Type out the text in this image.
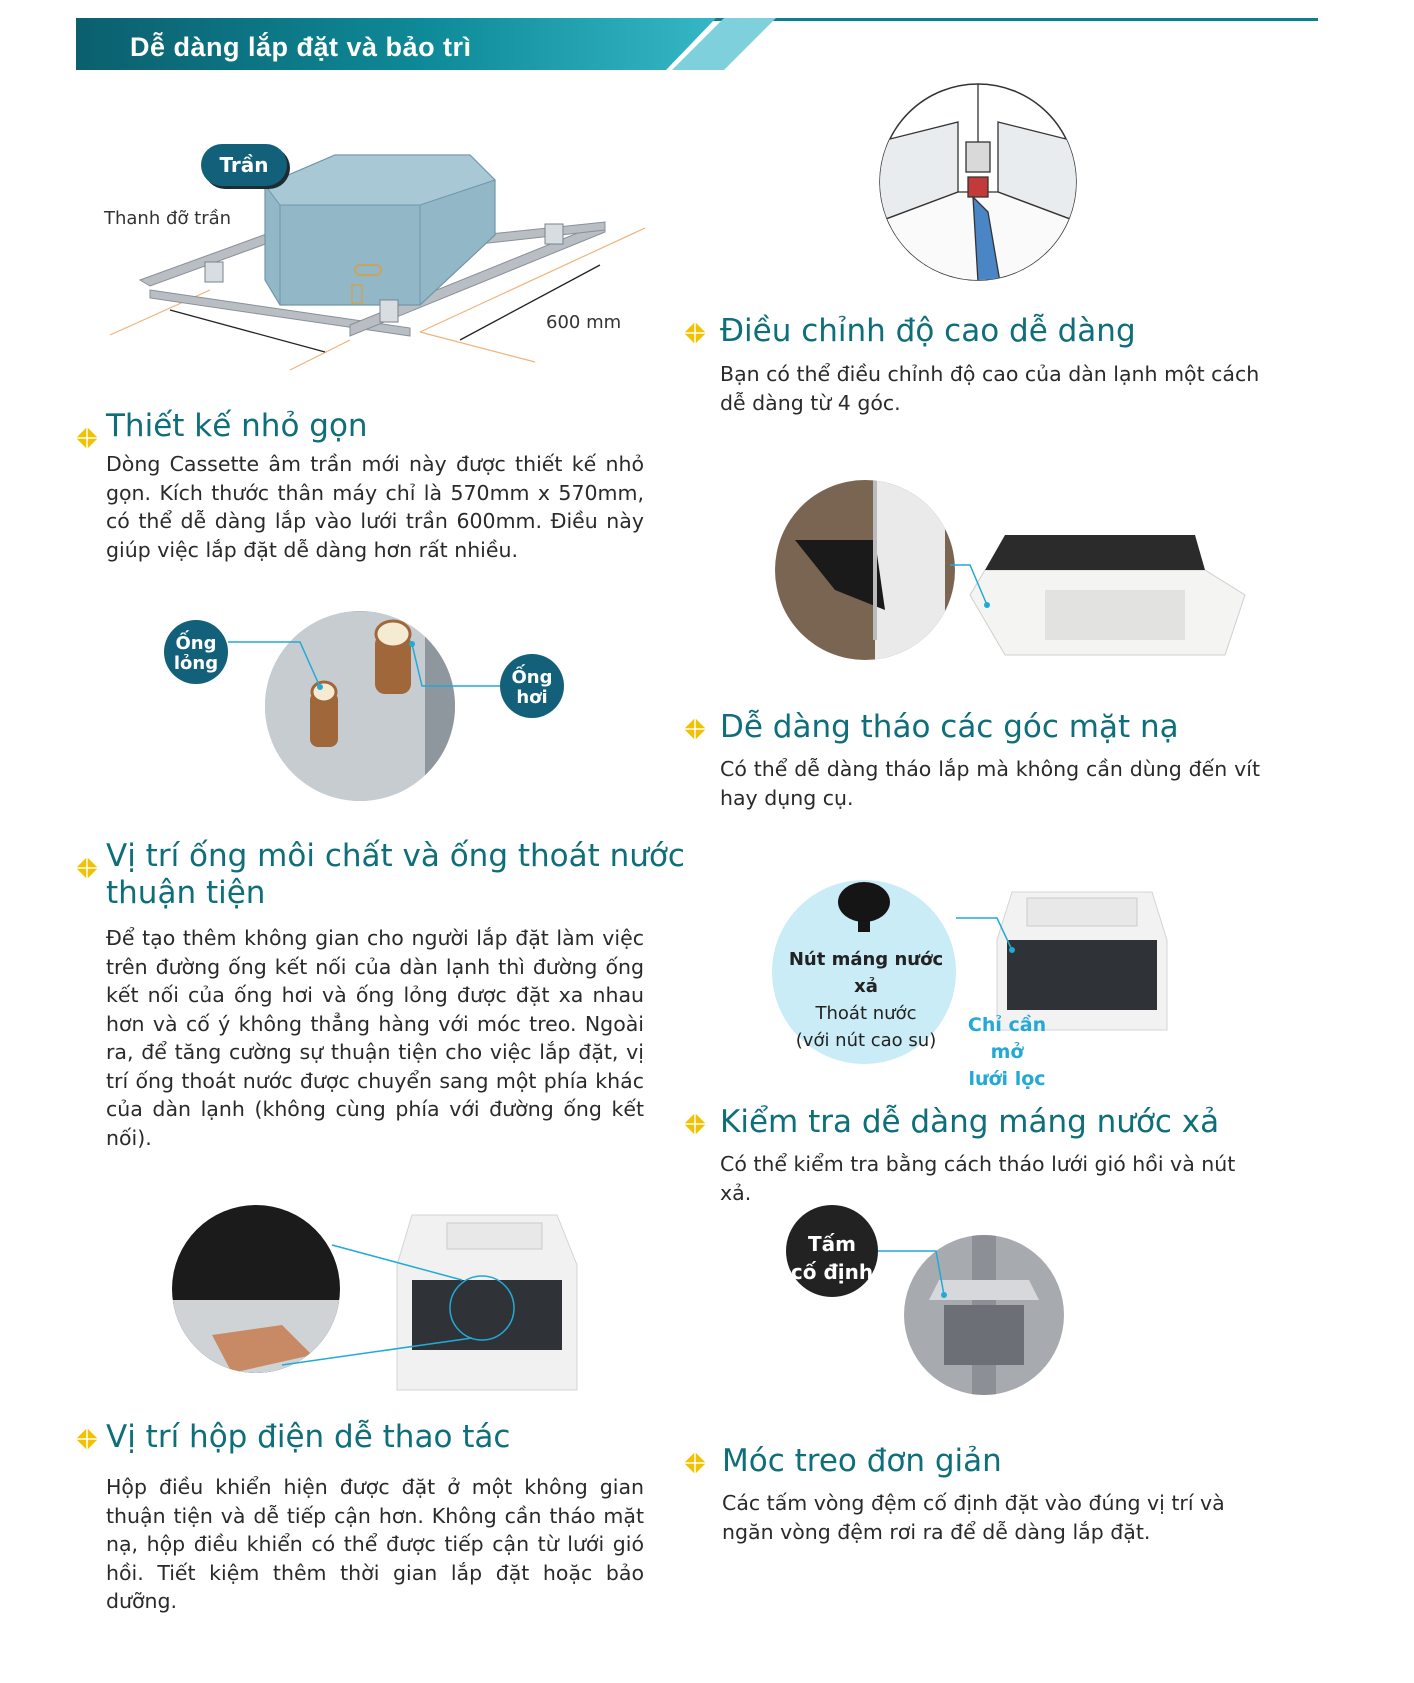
Dễ dàng lắp đặt và bảo trì
Trần
Thanh đỡ trần
600 mm
Thiết kế nhỏ gọn
Dòng Cassette âm trần mới này được thiết kế nhỏ gọn. Kích thước thân máy chỉ là 570mm x 570mm, có thể dễ dàng lắp vào lưới trần 600mm. Điều này giúp việc lắp đặt dễ dàng hơn rất nhiều.
Điều chỉnh độ cao dễ dàng
Bạn có thể điều chỉnh độ cao của dàn lạnh một cách dễ dàng từ 4 góc.
Ống
lỏng
Ống
hơi
Dễ dàng tháo các góc mặt nạ
Có thể dễ dàng tháo lắp mà không cần dùng đến vít hay dụng cụ.
Vị trí ống môi chất và ống thoát nước
thuận tiện
Để tạo thêm không gian cho người lắp đặt làm việc trên đường ống kết nối của dàn lạnh thì đường ống kết nối của ống hơi và ống lỏng được đặt xa nhau hơn và cố ý không thẳng hàng với móc treo. Ngoài ra, để tăng cường sự thuận tiện cho việc lắp đặt, vị trí ống thoát nước được chuyển sang một phía khác của dàn lạnh (không cùng phía với đường ống kết nối).
Nút máng nước xả
Thoát nước
(với nút cao su)
Chỉ cần mở
lưới lọc
Kiểm tra dễ dàng máng nước xả
Có thể kiểm tra bằng cách tháo lưới gió hồi và nút xả.
Tấm
cố định
Vị trí hộp điện dễ thao tác
Hộp điều khiển hiện được đặt ở một không gian thuận tiện và dễ tiếp cận hơn. Không cần tháo mặt nạ, hộp điều khiển có thể được tiếp cận từ lưới gió hồi. Tiết kiệm thêm thời gian lắp đặt hoặc bảo dưỡng.
Móc treo đơn giản
Các tấm vòng đệm cố định đặt vào đúng vị trí và ngăn vòng đệm rơi ra để dễ dàng lắp đặt.
